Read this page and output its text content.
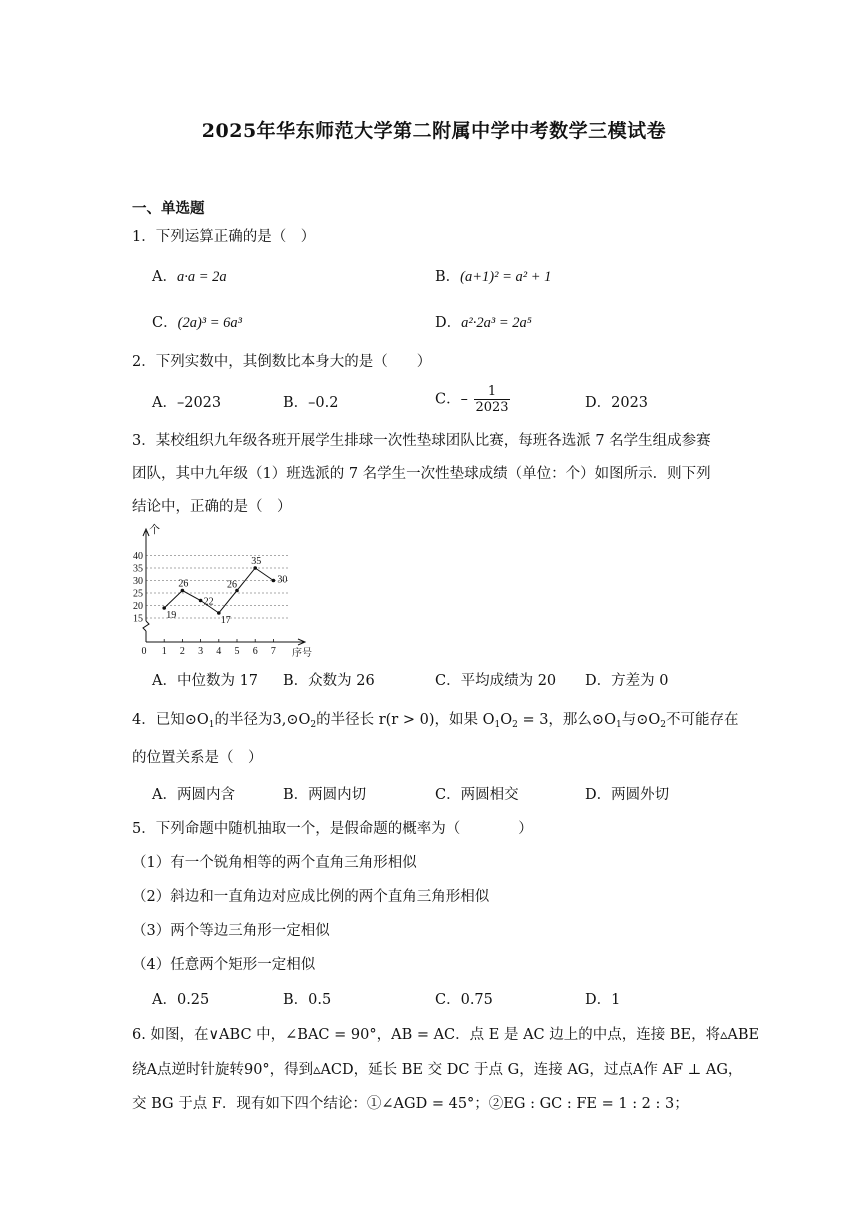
2025年华东师范大学第二附属中学中考数学三模试卷
一、单选题
1．下列运算正确的是（　）
A．a·a = 2a	B．(a+1)² = a² + 1
C．(2a)³ = 6a³	D．a²·2a³ = 2a⁵
2．下列实数中，其倒数比本身大的是（　　）
A．–2023	B．–0.2	C．– $\frac{1}{2023}$	D．2023
3．某校组织九年级各班开展学生排球一次性垫球团队比赛，每班各选派 7 名学生组成参赛
团队，其中九年级（1）班选派的 7 名学生一次性垫球成绩（单位：个）如图所示．则下列
结论中，正确的是（　）
15
20
25
30
35
40
0 1 2 3 4 5 6 7
个
序号
19
26
22
17
26
35
30
A．中位数为 17 B．众数为 26	C．平均成绩为 20 D．方差为 0
4．已知$⊙O_1$的半径为$3,⊙O_2$的半径长 r(r > 0)，如果 $O_1O_2 = 3$，那么$⊙O_1$与$⊙O_2$不可能存在
的位置关系是（　）
A．两圆内含	B．两圆内切	C．两圆相交	D．两圆外切
5．下列命题中随机抽取一个，是假命题的概率为（　　　　）
（1）有一个锐角相等的两个直角三角形相似
（2）斜边和一直角边对应成比例的两个直角三角形相似
（3）两个等边三角形一定相似
（4）任意两个矩形一定相似
A．0.25	B．0.5	C．0.75	D．1
6. 如图，在∨ABC 中，∠BAC = 90°，AB = AC．点 E 是 AC 边上的中点，连接 BE，将▵ABE
绕A点逆时针旋转90°，得到▵ACD，延长 BE 交 DC 于点 G，连接 AG，过点A作 AF ⊥ AG，
交 BG 于点 F．现有如下四个结论：①∠AGD = 45°；②EG : GC : FE = 1 : 2 : 3；
